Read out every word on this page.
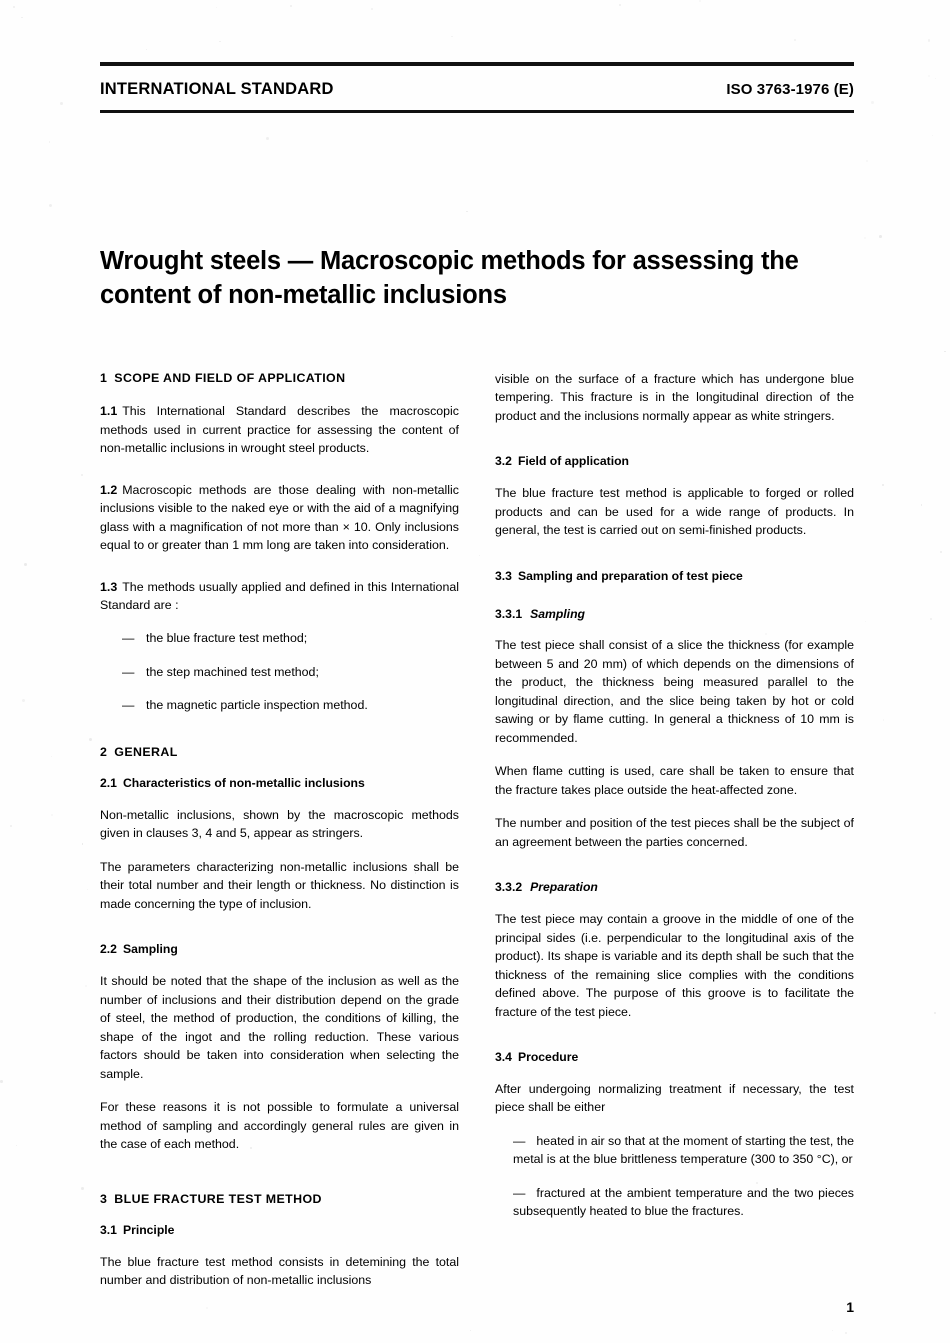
INTERNATIONAL STANDARD	ISO 3763-1976 (E)
Wrought steels — Macroscopic methods for assessing the content of non-metallic inclusions
1 SCOPE AND FIELD OF APPLICATION

1.1 This International Standard describes the macroscopic methods used in current practice for assessing the content of non-metallic inclusions in wrought steel products.

1.2 Macroscopic methods are those dealing with non-metallic inclusions visible to the naked eye or with the aid of a magnifying glass with a magnification of not more than × 10. Only inclusions equal to or greater than 1 mm long are taken into consideration.

1.3 The methods usually applied and defined in this International Standard are :

— the blue fracture test method;
— the step machined test method;
— the magnetic particle inspection method.
2 GENERAL
2.1 Characteristics of non-metallic inclusions

Non-metallic inclusions, shown by the macroscopic methods given in clauses 3, 4 and 5, appear as stringers.

The parameters characterizing non-metallic inclusions shall be their total number and their length or thickness. No distinction is made concerning the type of inclusion.

2.2 Sampling

It should be noted that the shape of the inclusion as well as the number of inclusions and their distribution depend on the grade of steel, the method of production, the conditions of killing, the shape of the ingot and the rolling reduction. These various factors should be taken into consideration when selecting the sample.

For these reasons it is not possible to formulate a universal method of sampling and accordingly general rules are given in the case of each method.

3 BLUE FRACTURE TEST METHOD
3.1 Principle

The blue fracture test method consists in detemining the total number and distribution of non-metallic inclusions

visible on the surface of a fracture which has undergone blue tempering. This fracture is in the longitudinal direction of the product and the inclusions normally appear as white stringers.

3.2 Field of application

The blue fracture test method is applicable to forged or rolled products and can be used for a wide range of products. In general, the test is carried out on semi-finished products.

3.3 Sampling and preparation of test piece
3.3.1 Sampling

The test piece shall consist of a slice the thickness (for example between 5 and 20 mm) of which depends on the dimensions of the product, the thickness being measured parallel to the longitudinal direction, and the slice being taken by hot or cold sawing or by flame cutting. In general a thickness of 10 mm is recommended.

When flame cutting is used, care shall be taken to ensure that the fracture takes place outside the heat-affected zone.

The number and position of the test pieces shall be the subject of an agreement between the parties concerned.

3.3.2 Preparation

The test piece may contain a groove in the middle of one of the principal sides (i.e. perpendicular to the longitudinal axis of the product). Its shape is variable and its depth shall be such that the thickness of the remaining slice complies with the conditions defined above. The purpose of this groove is to facilitate the fracture of the test piece.

3.4 Procedure

After undergoing normalizing treatment if necessary, the test piece shall be either

— heated in air so that at the moment of starting the test, the metal is at the blue brittleness temperature (300 to 350 °C), or

— fractured at the ambient temperature and the two pieces subsequently heated to blue the fractures.

1
